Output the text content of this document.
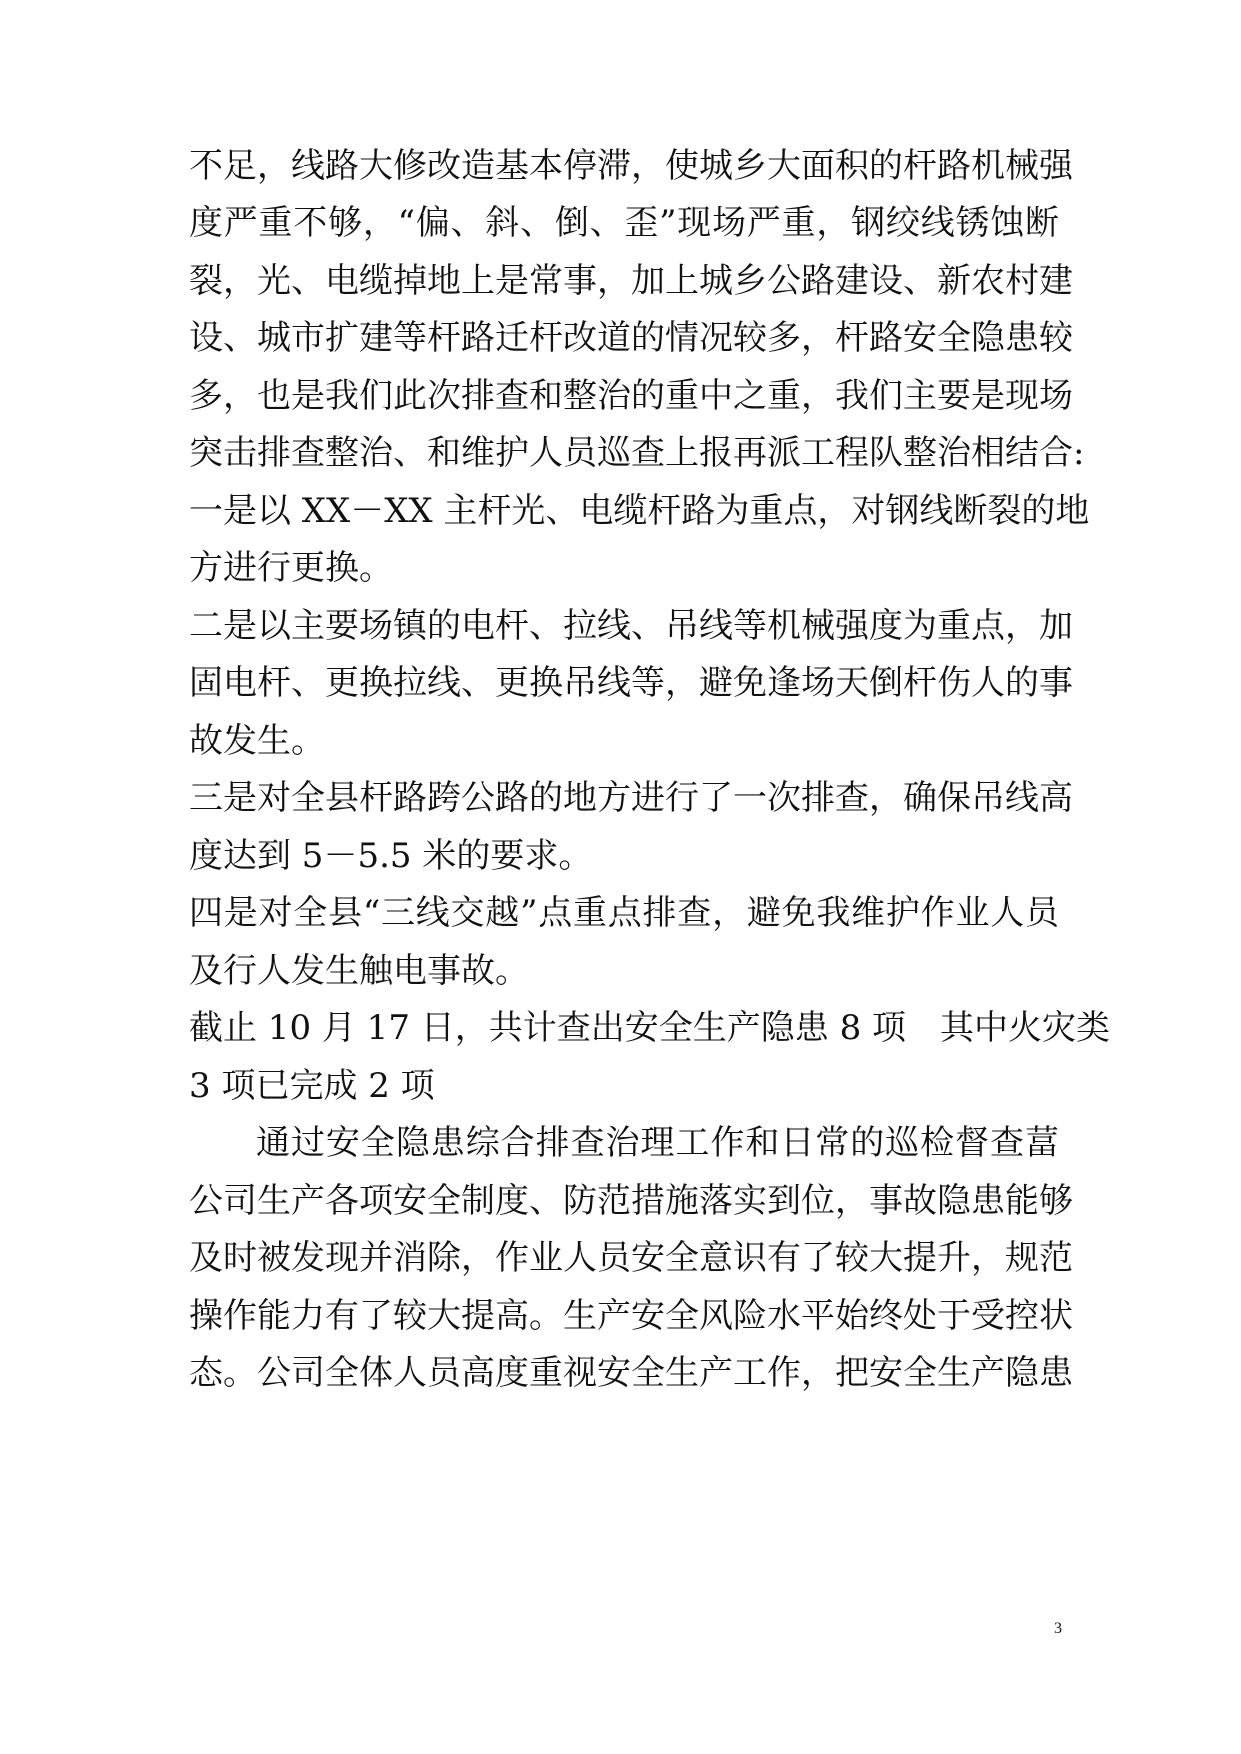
不足，线路大修改造基本停滞，使城乡大面积的杆路机械强
度严重不够，“偏、斜、倒、歪”现场严重，钢绞线锈蚀断
裂，光、电缆掉地上是常事，加上城乡公路建设、新农村建
设、城市扩建等杆路迁杆改道的情况较多，杆路安全隐患较
多，也是我们此次排查和整治的重中之重，我们主要是现场
突击排查整治、和维护人员巡查上报再派工程队整治相结合:
一是以 XX－XX 主杆光、电缆杆路为重点，对钢线断裂的地
方进行更换。
二是以主要场镇的电杆、拉线、吊线等机械强度为重点，加
固电杆、更换拉线、更换吊线等，避免逢场天倒杆伤人的事
故发生。
三是对全县杆路跨公路的地方进行了一次排查，确保吊线高
度达到 5－5.5 米的要求。
四是对全县“三线交越”点重点排查，避免我维护作业人员
及行人发生触电事故。
截止 10 月 17 日，共计查出安全生产隐患 8 项　其中火灾类
3 项已完成 2 项
通过安全隐患综合排查治理工作和日常的巡检督查葍
公司生产各项安全制度、防范措施落实到位，事故隐患能够
及时被发现并消除，作业人员安全意识有了较大提升，规范
操作能力有了较大提高。生产安全风险水平始终处于受控状
态。公司全体人员高度重视安全生产工作，把安全生产隐患
3
